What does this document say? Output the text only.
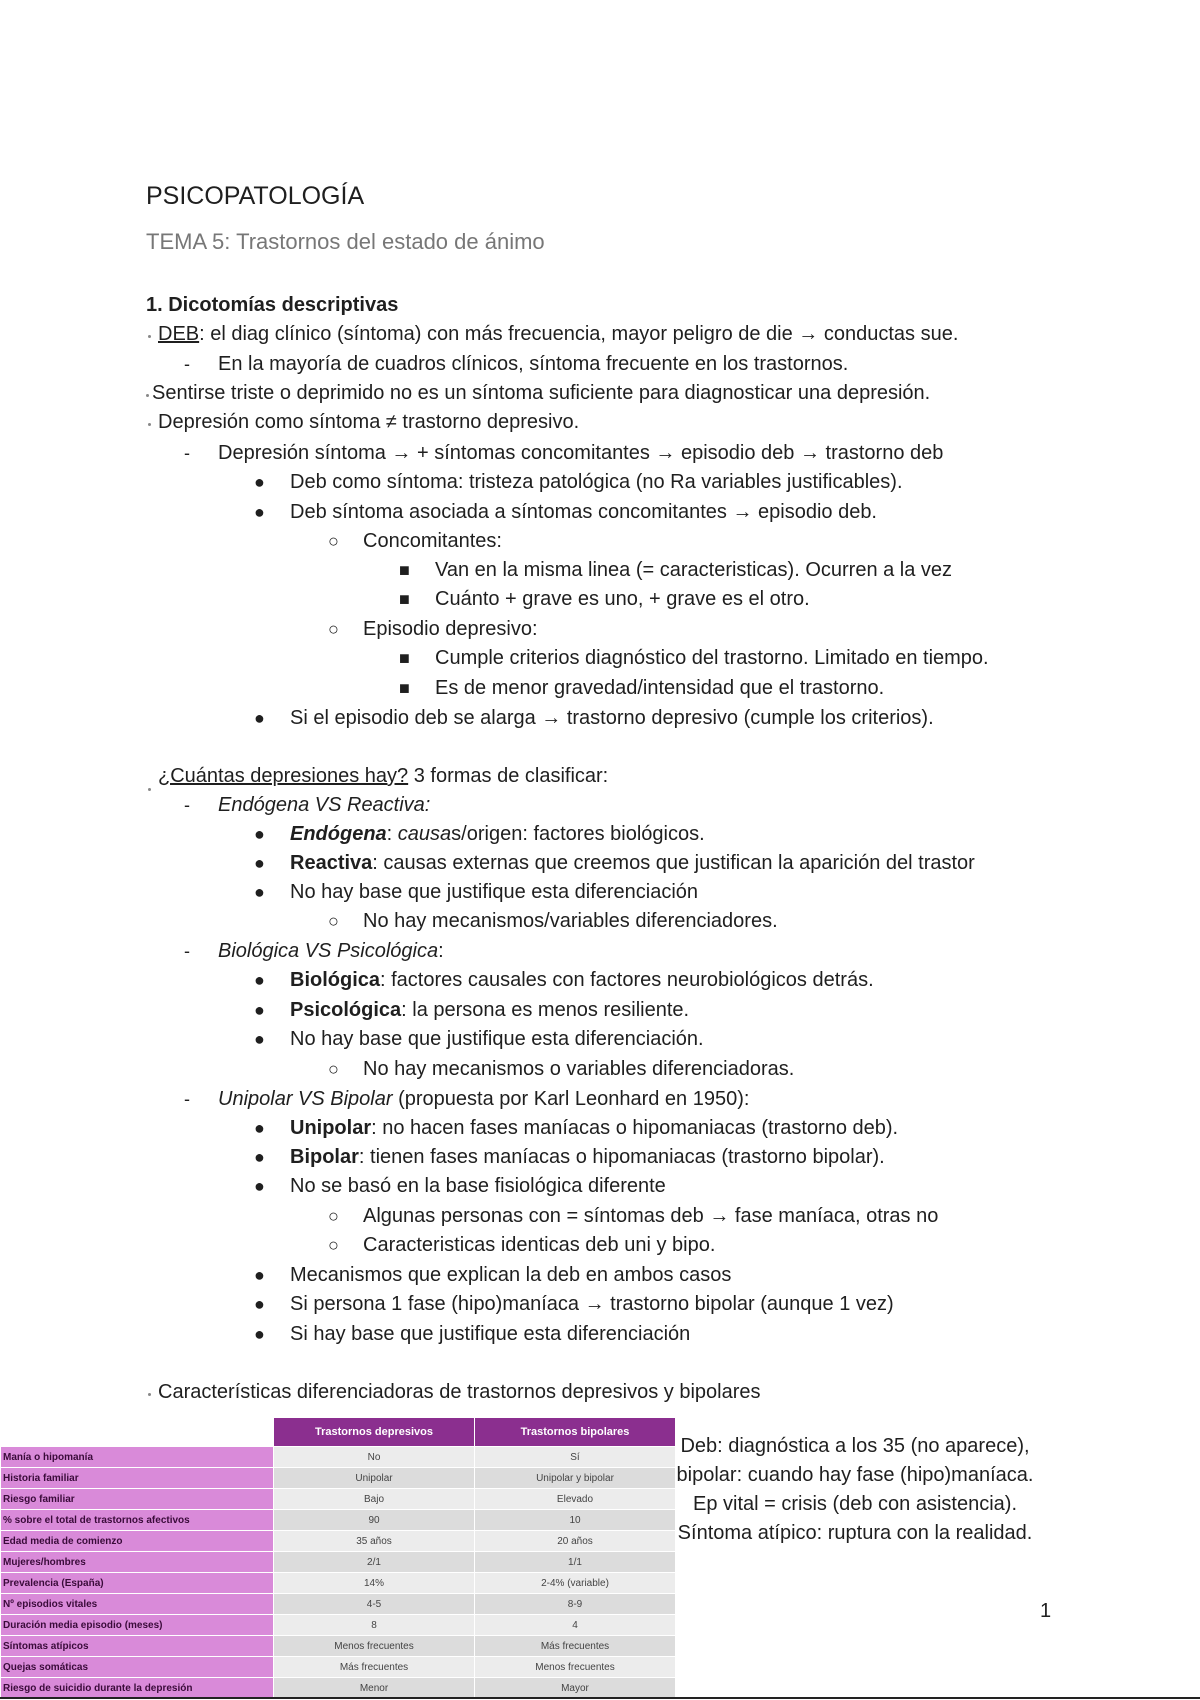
PSICOPATOLOGÍA
TEMA 5: Trastornos del estado de ánimo
1. Dicotomías descriptivas
DEB: el diag clínico (síntoma) con más frecuencia, mayor peligro de die → conductas sue.
- En la mayoría de cuadros clínicos, síntoma frecuente en los trastornos.
Sentirse triste o deprimido no es un síntoma suficiente para diagnosticar una depresión.
Depresión como síntoma ≠ trastorno depresivo.
- Depresión síntoma → + síntomas concomitantes → episodio deb → trastorno deb
● Deb como síntoma: tristeza patológica (no Ra variables justificables).
● Deb síntoma asociada a síntomas concomitantes → episodio deb.
○ Concomitantes:
■ Van en la misma linea (= caracteristicas). Ocurren a la vez
■ Cuánto + grave es uno, + grave es el otro.
○ Episodio depresivo:
■ Cumple criterios diagnóstico del trastorno. Limitado en tiempo.
■ Es de menor gravedad/intensidad que el trastorno.
● Si el episodio deb se alarga → trastorno depresivo (cumple los criterios).
¿Cuántas depresiones hay? 3 formas de clasificar:
- Endógena VS Reactiva:
● Endógena: causas/origen: factores biológicos.
● Reactiva: causas externas que creemos que justifican la aparición del trastor
● No hay base que justifique esta diferenciación
○ No hay mecanismos/variables diferenciadores.
- Biológica VS Psicológica:
● Biológica: factores causales con factores neurobiológicos detrás.
● Psicológica: la persona es menos resiliente.
● No hay base que justifique esta diferenciación.
○ No hay mecanismos o variables diferenciadoras.
- Unipolar VS Bipolar (propuesta por Karl Leonhard en 1950):
● Unipolar: no hacen fases maníacas o hipomaniacas (trastorno deb).
● Bipolar: tienen fases maníacas o hipomaniacas (trastorno bipolar).
● No se basó en la base fisiológica diferente
○ Algunas personas con = síntomas deb → fase maníaca, otras no
○ Caracteristicas identicas deb uni y bipo.
● Mecanismos que explican la deb en ambos casos
● Si persona 1 fase (hipo)maníaca → trastorno bipolar (aunque 1 vez)
● Si hay base que justifique esta diferenciación
Características diferenciadoras de trastornos depresivos y bipolares
	Trastornos depresivos	Trastornos bipolares
Manía o hipomanía	No	Sí
Historia familiar	Unipolar	Unipolar y bipolar
Riesgo familiar	Bajo	Elevado
% sobre el total de trastornos afectivos	90	10
Edad media de comienzo	35 años	20 años
Mujeres/hombres	2/1	1/1
Prevalencia (España)	14%	2-4% (variable)
Nº episodios vitales	4-5	8-9
Duración media episodio (meses)	8	4
Síntomas atípicos	Menos frecuentes	Más frecuentes
Quejas somáticas	Más frecuentes	Menos frecuentes
Riesgo de suicidio durante la depresión	Menor	Mayor
Deb: diagnóstica a los 35 (no aparece),
bipolar: cuando hay fase (hipo)maníaca.
Ep vital = crisis (deb con asistencia).
Síntoma atípico: ruptura con la realidad.
1
